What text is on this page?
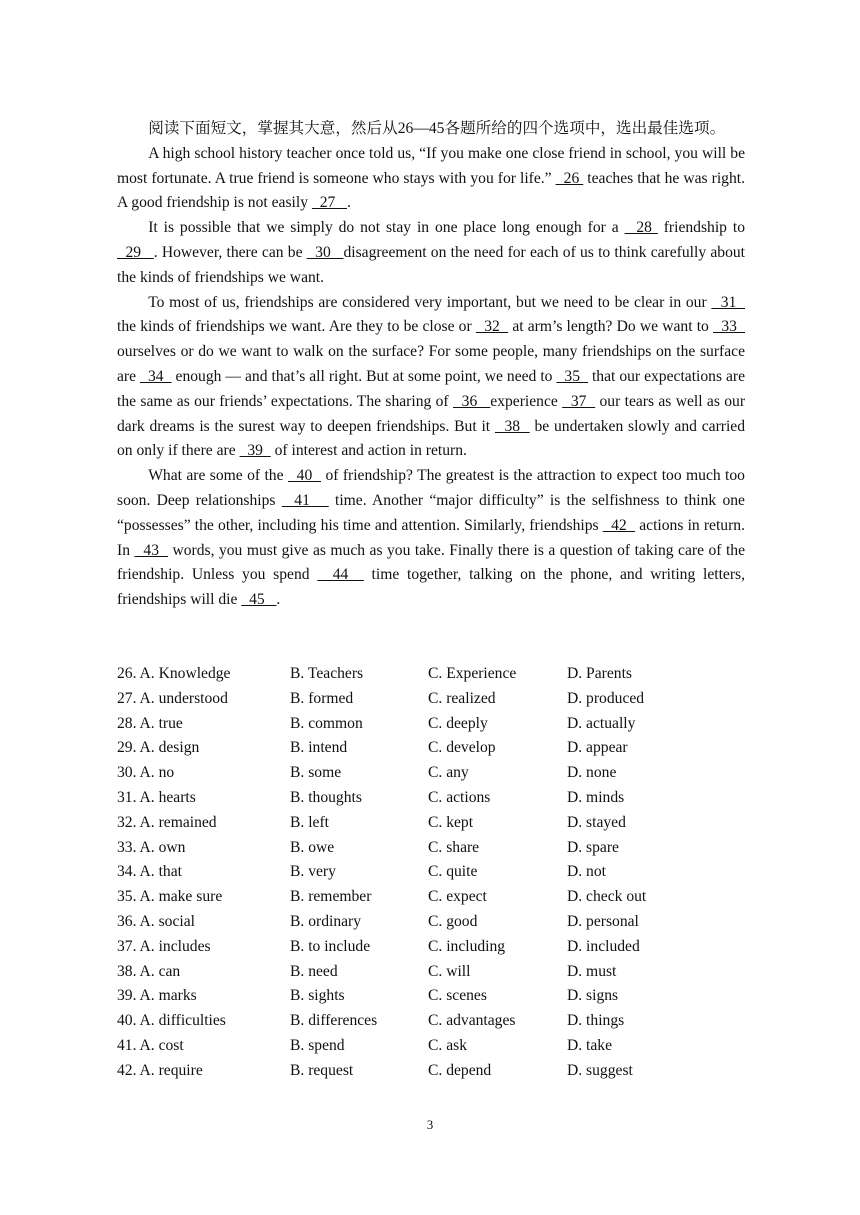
阅读下面短文，掌握其大意，然后从26—45各题所给的四个选项中，选出最佳选项。

A high school history teacher once told us, “If you make one close friend in school, you will be most fortunate. A true friend is someone who stays with you for life.”   26  teaches that he was right. A good friendship is not easily   27   .

It is possible that we simply do not stay in one place long enough for a   28  friendship to   29   . However, there can be   30   disagreement on the need for each of us to think carefully about the kinds of friendships we want.

To most of us, friendships are considered very important, but we need to be clear in our   31   the kinds of friendships we want. Are they to be close or   32   at arm’s length? Do we want to   33   ourselves or do we want to walk on the surface? For some people, many friendships on the surface are   34   enough — and that’s all right. But at some point, we need to   35   that our expectations are the same as our friends’ expectations. The sharing of   36   experience   37   our tears as well as our dark dreams is the surest way to deepen friendships. But it   38   be undertaken slowly and carried on only if there are   39   of interest and action in return.

What are some of the   40   of friendship? The greatest is the attraction to expect too much too soon. Deep relationships   41    time. Another “major difficulty” is the selfishness to think one “possesses” the other, including his time and attention. Similarly, friendships   42   actions in return. In   43   words, you must give as much as you take. Finally there is a question of taking care of the friendship. Unless you spend   44   time together, talking on the phone, and writing letters, friendships will die   45   .

26. A. Knowledge	B. Teachers	C. Experience	D. Parents
27. A. understood	B. formed	C. realized	D. produced
28. A. true	B. common	C. deeply	D. actually
29. A. design	B. intend	C. develop	D. appear
30. A. no	B. some	C. any	D. none
31. A. hearts	B. thoughts	C. actions	D. minds
32. A. remained	B. left	C. kept	D. stayed
33. A. own	B. owe	C. share	D. spare
34. A. that	B. very	C. quite	D. not
35. A. make sure	B. remember	C. expect	D. check out
36. A. social	B. ordinary	C. good	D. personal
37. A. includes	B. to include	C. including	D. included
38. A. can	B. need	C. will	D. must
39. A. marks	B. sights	C. scenes	D. signs
40. A. difficulties	B. differences	C. advantages	D. things
41. A. cost	B. spend	C. ask	D. take
42. A. require	B. request	C. depend	D. suggest
3
